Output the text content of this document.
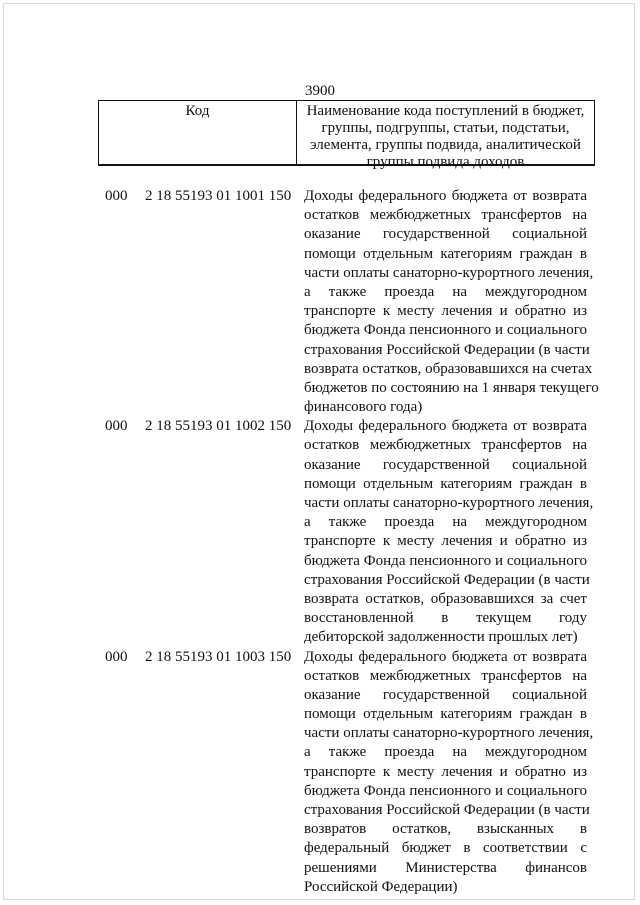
3900
Код	Наименование кода поступлений в бюджет, группы, подгруппы, статьи, подстатьи, элемента, группы подвида, аналитической группы подвида доходов
000 2 18 55193 01 1001 150 Доходы федерального бюджета от возврата
остатков межбюджетных трансфертов на
оказание государственной социальной
помощи отдельным категориям граждан в
части оплаты санаторно-курортного лечения,
а также проезда на междугородном
транспорте к месту лечения и обратно из
бюджета Фонда пенсионного и социального
страхования Российской Федерации (в части
возврата остатков, образовавшихся на счетах
бюджетов по состоянию на 1 января текущего
финансового года)
000 2 18 55193 01 1002 150 Доходы федерального бюджета от возврата
остатков межбюджетных трансфертов на
оказание государственной социальной
помощи отдельным категориям граждан в
части оплаты санаторно-курортного лечения,
а также проезда на междугородном
транспорте к месту лечения и обратно из
бюджета Фонда пенсионного и социального
страхования Российской Федерации (в части
возврата остатков, образовавшихся за счет
восстановленной в текущем году
дебиторской задолженности прошлых лет)
000 2 18 55193 01 1003 150 Доходы федерального бюджета от возврата
остатков межбюджетных трансфертов на
оказание государственной социальной
помощи отдельным категориям граждан в
части оплаты санаторно-курортного лечения,
а также проезда на междугородном
транспорте к месту лечения и обратно из
бюджета Фонда пенсионного и социального
страхования Российской Федерации (в части
возвратов остатков, взысканных в
федеральный бюджет в соответствии с
решениями Министерства финансов
Российской Федерации)
